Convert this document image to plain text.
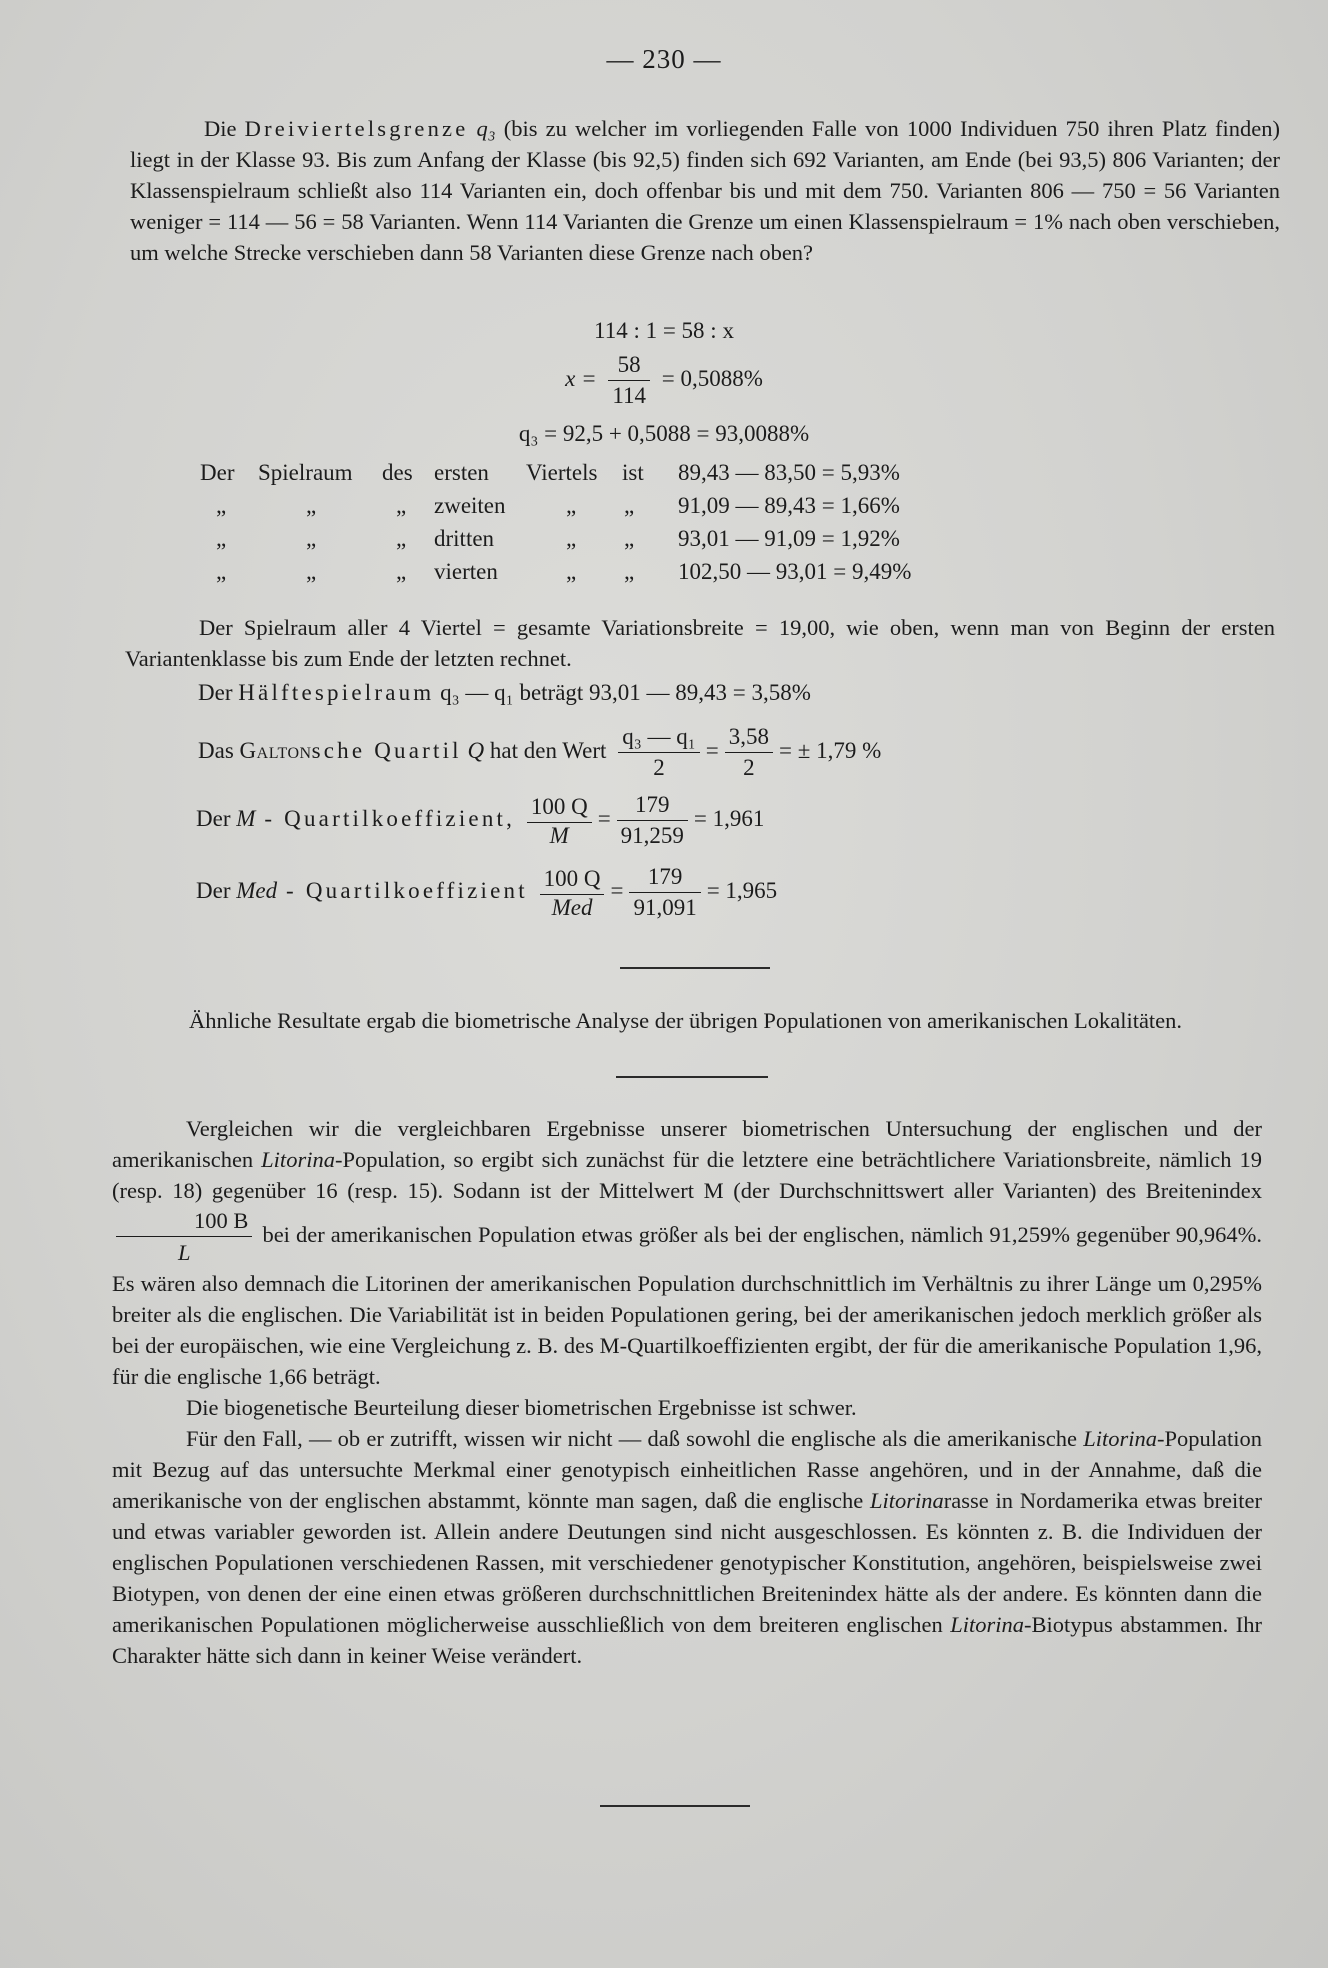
— 230 —

Die Dreiviertelsgrenze q₃ (bis zu welcher im vorliegenden Falle von 1000 Individuen 750 ihren Platz finden) liegt in der Klasse 93. Bis zum Anfang der Klasse (bis 92,5) finden sich 692 Varianten, am Ende (bei 93,5) 806 Varianten; der Klassenspielraum schließt also 114 Varianten ein, doch offenbar bis und mit dem 750. Varianten 806 — 750 = 56 Varianten weniger = 114 — 56 = 58 Varianten. Wenn 114 Varianten die Grenze um einen Klassenspielraum = 1% nach oben verschieben, um welche Strecke verschieben dann 58 Varianten diese Grenze nach oben?

114 : 1 = 58 : x
$x = \frac{58}{114} = 0,5088\%$
q₃ = 92,5 + 0,5088 = 93,0088%
Der Spielraum des ersten Viertels ist 89,43 — 83,50 = 5,93%
„	„	„ zweiten	„ „ 91,09 — 89,43 = 1,66%
„	„	„ dritten	„ „ 93,01 — 91,09 = 1,92%
„	„	„ vierten	„ „ 102,50 — 93,01 = 9,49%

Der Spielraum aller 4 Viertel = gesamte Variationsbreite = 19,00, wie oben, wenn man von Beginn der ersten Variantenklasse bis zum Ende der letzten rechnet.

Der Hälftespielraum q₃ — q₁ beträgt 93,01 — 89,43 = 3,58%
Das Galtonsche Quartil Q hat den Wert $\frac{\text{q₃ — q₁}}{2} = \frac{3,58}{2}$ = ± 1,79 %
Der M - Quartilkoeffizient, $\frac{100 Q}{M} = \frac{179}{91,259} = 1,961$
Der Med - Quartilkoeffizient $\frac{100 Q}{\text{Med}} = \frac{179}{91,091} = 1,965$

Ähnliche Resultate ergab die biometrische Analyse der übrigen Populationen von amerikanischen Lokalitäten.

Vergleichen wir die vergleichbaren Ergebnisse unserer biometrischen Untersuchung der englischen und der amerikanischen Litorina-Population, so ergibt sich zunächst für die letztere eine beträchtlichere Variationsbreite, nämlich 19 (resp. 18) gegenüber 16 (resp. 15). Sodann ist der Mittelwert M (der Durchschnittswert aller Varianten) des Breitenindex
$\frac{100 B}{L}$ bei der amerikanischen Population etwas größer als bei der englischen, nämlich 91,259% gegenüber 90,964%. Es wären also demnach die Litorinen der amerikanischen Population durchschnittlich im Verhältnis zu ihrer Länge um 0,295% breiter als die englischen. Die Variabilität ist in beiden Populationen gering, bei der amerikanischen jedoch merklich größer als bei der europäischen, wie eine Vergleichung z. B. des M-Quartilkoeffizienten ergibt, der für die amerikanische Population 1,96, für die englische 1,66 beträgt.

Die biogenetische Beurteilung dieser biometrischen Ergebnisse ist schwer.

Für den Fall, — ob er zutrifft, wissen wir nicht — daß sowohl die englische als die amerikanische Litorina-Population mit Bezug auf das untersuchte Merkmal einer genotypisch einheitlichen Rasse angehören, und in der Annahme, daß die amerikanische von der englischen abstammt, könnte man sagen, daß die englische Litorinarasse in Nordamerika etwas breiter und etwas variabler geworden ist. Allein andere Deutungen sind nicht ausgeschlossen. Es könnten z. B. die Individuen der englischen Populationen verschiedenen Rassen, mit verschiedener genotypischer Konstitution, angehören, beispielsweise zwei Biotypen, von denen der eine einen etwas größeren durchschnittlichen Breitenindex hätte als der andere. Es könnten dann die amerikanischen Populationen möglicherweise ausschließlich von dem breiteren englischen Litorina-Biotypus abstammen. Ihr Charakter hätte sich dann in keiner Weise verändert.
